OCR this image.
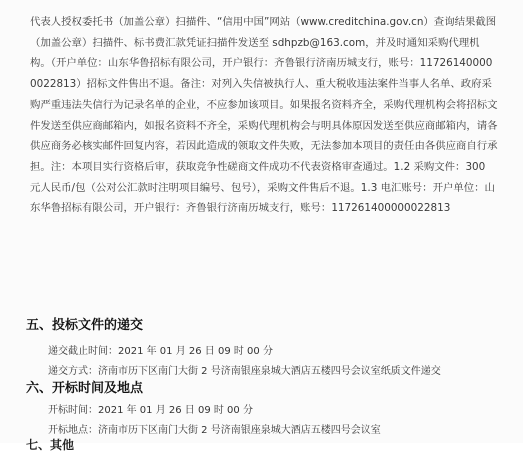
代表人授权委托书（加盖公章）扫描件、“信用中国”网站（www.creditchina.gov.cn）查询结果截图（加盖公章）扫描件、标书费汇款凭证扫描件发送至 sdhpzb@163.com，并及时通知采购代理机构。（开户单位：山东华鲁招标有限公司，开户银行：齐鲁银行济南历城支行，账号：117261400000022813）招标文件售出不退。备注：对列入失信被执行人、重大税收违法案件当事人名单、政府采购严重违法失信行为记录名单的企业，不应参加该项目。如果报名资料齐全，采购代理机构会将招标文件发送至供应商邮箱内，如报名资料不齐全，采购代理机构会与明具体原因发送至供应商邮箱内，请各供应商务必核实邮件回复内容，若因此造成的领取文件失败，无法参加本项目的责任由各供应商自行承担。注：本项目实行资格后审，获取竞争性磋商文件成功不代表资格审查通过。1.2 采购文件：300 元人民币/包（公对公汇款时注明项目编号、包号），采购文件售后不退。1.3 电汇账号：开户单位：山东华鲁招标有限公司，开户银行：齐鲁银行济南历城支行，账号：117261400000022813

五、投标文件的递交

递交截止时间：2021 年 01 月 26 日 09 时 00 分

递交方式：济南市历下区南门大街 2 号济南银座泉城大酒店五楼四号会议室纸质文件递交

六、开标时间及地点

开标时间：2021 年 01 月 26 日 09 时 00 分

开标地点：济南市历下区南门大街 2 号济南银座泉城大酒店五楼四号会议室

七、其他
